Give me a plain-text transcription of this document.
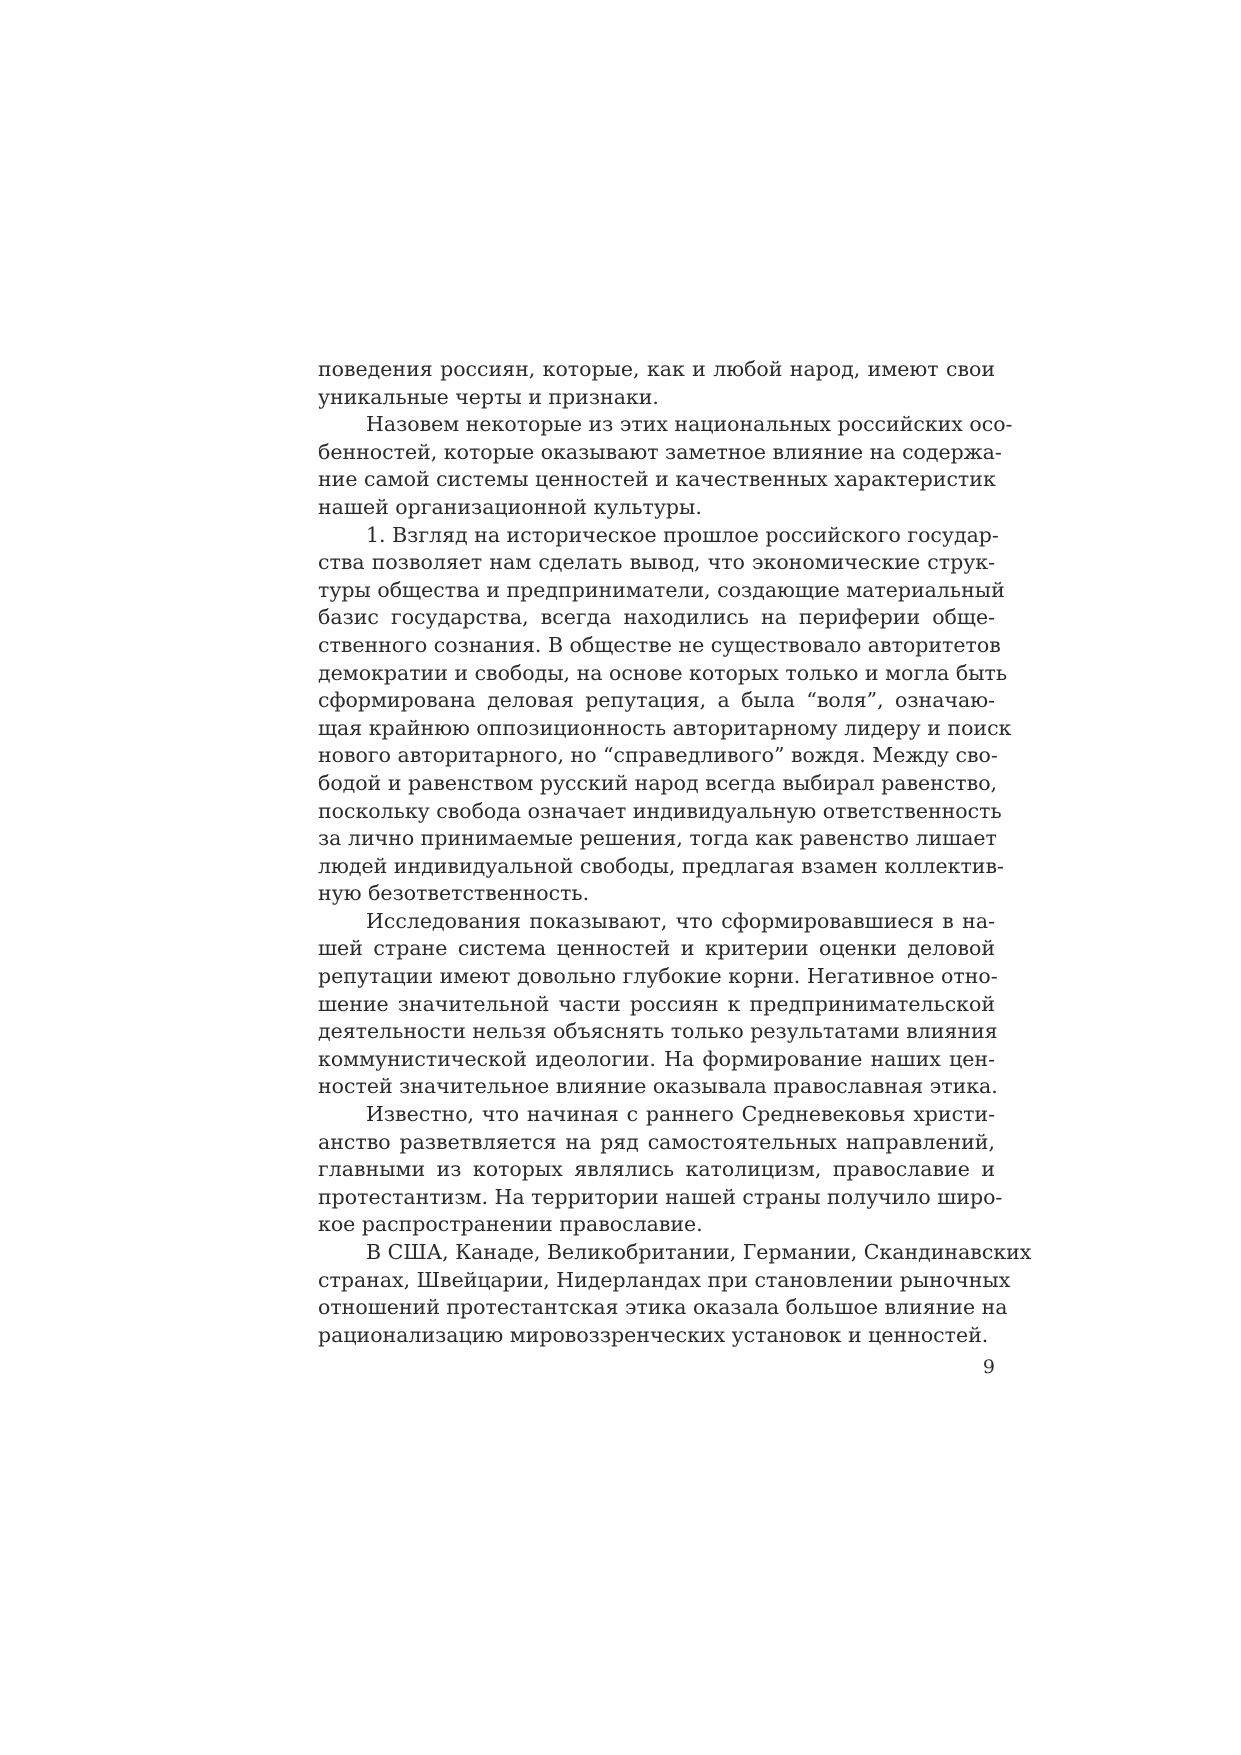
поведения россиян, которые, как и любой народ, имеют свои
уникальные черты и признаки.
Назовем некоторые из этих национальных российских осо-
бенностей, которые оказывают заметное влияние на содержа-
ние самой системы ценностей и качественных характеристик
нашей организационной культуры.
1. Взгляд на историческое прошлое российского государ-
ства позволяет нам сделать вывод, что экономические струк-
туры общества и предприниматели, создающие материальный
базис государства, всегда находились на периферии обще-
ственного сознания. В обществе не существовало авторитетов
демократии и свободы, на основе которых только и могла быть
сформирована деловая репутация, а была “воля”, означаю-
щая крайнюю оппозиционность авторитарному лидеру и поиск
нового авторитарного, но “справедливого” вождя. Между сво-
бодой и равенством русский народ всегда выбирал равенство,
поскольку свобода означает индивидуальную ответственность
за лично принимаемые решения, тогда как равенство лишает
людей индивидуальной свободы, предлагая взамен коллектив-
ную безответственность.
Исследования показывают, что сформировавшиеся в на-
шей стране система ценностей и критерии оценки деловой
репутации имеют довольно глубокие корни. Негативное отно-
шение значительной части россиян к предпринимательской
деятельности нельзя объяснять только результатами влияния
коммунистической идеологии. На формирование наших цен-
ностей значительное влияние оказывала православная этика.
Известно, что начиная с раннего Средневековья христи-
анство разветвляется на ряд самостоятельных направлений,
главными из которых являлись католицизм, православие и
протестантизм. На территории нашей страны получило широ-
кое распространении православие.
В США, Канаде, Великобритании, Германии, Скандинавских
странах, Швейцарии, Нидерландах при становлении рыночных
отношений протестантская этика оказала большое влияние на
рационализацию мировоззренческих установок и ценностей.
9
